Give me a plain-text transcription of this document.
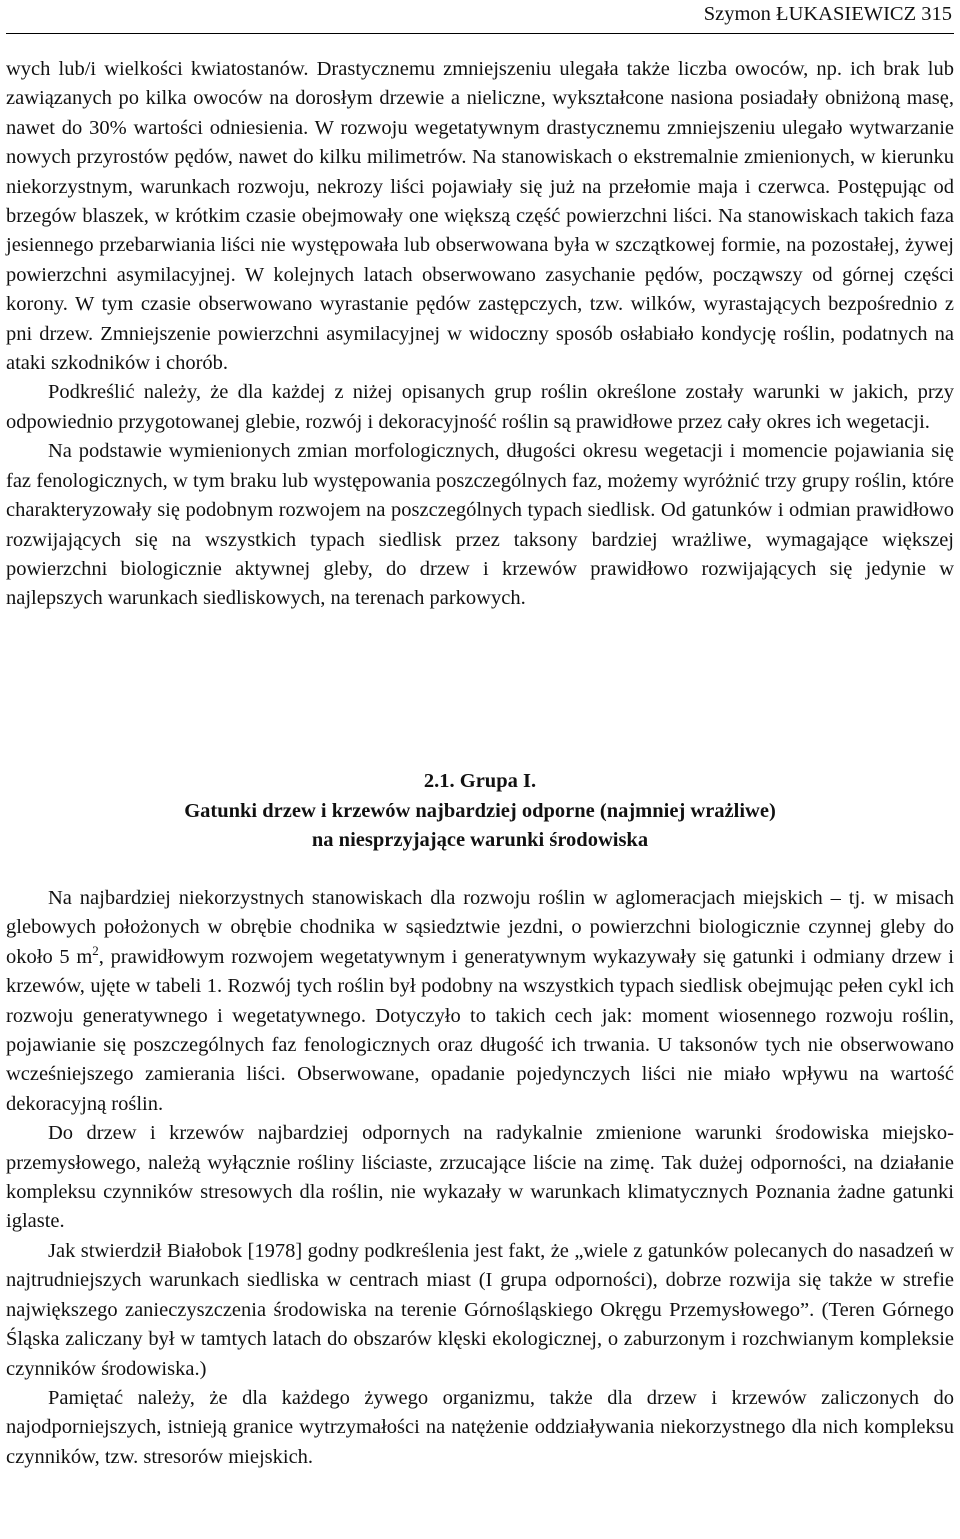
Szymon ŁUKASIEWICZ 315

wych lub/i wielkości kwiatostanów. Drastycznemu zmniejszeniu ulegała także liczba owoców, np. ich brak lub zawiązanych po kilka owoców na dorosłym drzewie a nieliczne, wykształcone nasiona posiadały obniżoną masę, nawet do 30% wartości odniesienia. W rozwoju wegetatywnym drastycznemu zmniejszeniu ulegało wytwarzanie nowych przyrostów pędów, nawet do kilku milimetrów. Na stanowiskach o ekstremalnie zmienionych, w kierunku niekorzystnym, warunkach rozwoju, nekrozy liści pojawiały się już na przełomie maja i czerwca. Postępując od brzegów blaszek, w krótkim czasie obejmowały one większą część powierzchni liści. Na stanowiskach takich faza jesiennego przebarwiania liści nie występowała lub obserwowana była w szczątkowej formie, na pozostałej, żywej powierzchni asymilacyjnej. W kolejnych latach obserwowano zasychanie pędów, począwszy od górnej części korony. W tym czasie obserwowano wyrastanie pędów zastępczych, tzw. wilków, wyrastających bezpośrednio z pni drzew. Zmniejszenie powierzchni asymilacyjnej w widoczny sposób osłabiało kondycję roślin, podatnych na ataki szkodników i chorób.

Podkreślić należy, że dla każdej z niżej opisanych grup roślin określone zostały warunki w jakich, przy odpowiednio przygotowanej glebie, rozwój i dekoracyjność roślin są prawidłowe przez cały okres ich wegetacji.

Na podstawie wymienionych zmian morfologicznych, długości okresu wegetacji i momencie pojawiania się faz fenologicznych, w tym braku lub występowania poszczególnych faz, możemy wyróżnić trzy grupy roślin, które charakteryzowały się podobnym rozwojem na poszczególnych typach siedlisk. Od gatunków i odmian prawidłowo rozwijających się na wszystkich typach siedlisk przez taksony bardziej wrażliwe, wymagające większej powierzchni biologicznie aktywnej gleby, do drzew i krzewów prawidłowo rozwijających się jedynie w najlepszych warunkach siedliskowych, na terenach parkowych.

2.1. Grupa I.
Gatunki drzew i krzewów najbardziej odporne (najmniej wrażliwe)
na niesprzyjające warunki środowiska

Na najbardziej niekorzystnych stanowiskach dla rozwoju roślin w aglomeracjach miejskich – tj. w misach glebowych położonych w obrębie chodnika w sąsiedztwie jezdni, o powierzchni biologicznie czynnej gleby do około 5 $m^2$, prawidłowym rozwojem wegetatywnym i generatywnym wykazywały się gatunki i odmiany drzew i krzewów, ujęte w tabeli 1. Rozwój tych roślin był podobny na wszystkich typach siedlisk obejmując pełen cykl ich rozwoju generatywnego i wegetatywnego. Dotyczyło to takich cech jak: moment wiosennego rozwoju roślin, pojawianie się poszczególnych faz fenologicznych oraz długość ich trwania. U taksonów tych nie obserwowano wcześniejszego zamierania liści. Obserwowane, opadanie pojedynczych liści nie miało wpływu na wartość dekoracyjną roślin.

Do drzew i krzewów najbardziej odpornych na radykalnie zmienione warunki środowiska miejsko-przemysłowego, należą wyłącznie rośliny liściaste, zrzucające liście na zimę. Tak dużej odporności, na działanie kompleksu czynników stresowych dla roślin, nie wykazały w warunkach klimatycznych Poznania żadne gatunki iglaste.

Jak stwierdził Białobok [1978] godny podkreślenia jest fakt, że „wiele z gatunków polecanych do nasadzeń w najtrudniejszych warunkach siedliska w centrach miast (I grupa odporności), dobrze rozwija się także w strefie największego zanieczyszczenia środowiska na terenie Górnośląskiego Okręgu Przemysłowego”. (Teren Górnego Śląska zaliczany był w tamtych latach do obszarów klęski ekologicznej, o zaburzonym i rozchwianym kompleksie czynników środowiska.)

Pamiętać należy, że dla każdego żywego organizmu, także dla drzew i krzewów zaliczonych do najodporniejszych, istnieją granice wytrzymałości na natężenie oddziaływania niekorzystnego dla nich kompleksu czynników, tzw. stresorów miejskich.
